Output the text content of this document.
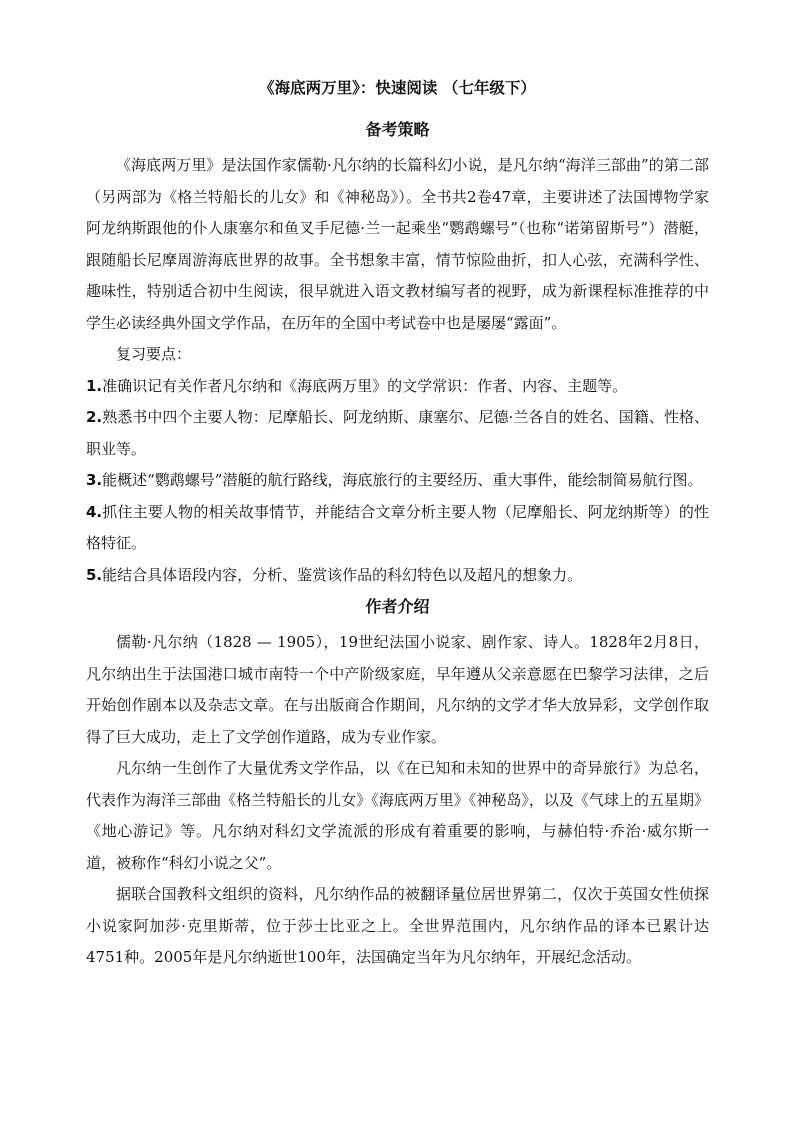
《海底两万里》：快速阅读 （七年级下）
备考策略

《海底两万里》是法国作家儒勒·凡尔纳的长篇科幻小说，是凡尔纳“海洋三部曲”的第二部（另两部为《格兰特船长的儿女》和《神秘岛》）。全书共2卷47章，主要讲述了法国博物学家阿龙纳斯跟他的仆人康塞尔和鱼叉手尼德·兰一起乘坐“鹦鹉螺号”（也称“诺第留斯号”）潜艇，跟随船长尼摩周游海底世界的故事。全书想象丰富，情节惊险曲折，扣人心弦，充满科学性、趣味性，特别适合初中生阅读，很早就进入语文教材编写者的视野，成为新课程标准推荐的中学生必读经典外国文学作品，在历年的全国中考试卷中也是屡屡“露面”。

复习要点：

1.准确识记有关作者凡尔纳和《海底两万里》的文学常识：作者、内容、主题等。

2.熟悉书中四个主要人物：尼摩船长、阿龙纳斯、康塞尔、尼德·兰各自的姓名、国籍、性格、职业等。

3.能概述“鹦鹉螺号”潜艇的航行路线，海底旅行的主要经历、重大事件，能绘制简易航行图。

4.抓住主要人物的相关故事情节，并能结合文章分析主要人物（尼摩船长、阿龙纳斯等）的性格特征。

5.能结合具体语段内容，分析、鉴赏该作品的科幻特色以及超凡的想象力。

作者介绍

儒勒·凡尔纳（1828 — 1905），19世纪法国小说家、剧作家、诗人。1828年2月8日，凡尔纳出生于法国港口城市南特一个中产阶级家庭，早年遵从父亲意愿在巴黎学习法律，之后开始创作剧本以及杂志文章。在与出版商合作期间，凡尔纳的文学才华大放异彩，文学创作取得了巨大成功，走上了文学创作道路，成为专业作家。

凡尔纳一生创作了大量优秀文学作品，以《在已知和未知的世界中的奇异旅行》为总名，代表作为海洋三部曲《格兰特船长的儿女》《海底两万里》《神秘岛》，以及《气球上的五星期》《地心游记》等。凡尔纳对科幻文学流派的形成有着重要的影响，与赫伯特·乔治·威尔斯一道，被称作“科幻小说之父”。

据联合国教科文组织的资料，凡尔纳作品的被翻译量位居世界第二，仅次于英国女性侦探小说家阿加莎·克里斯蒂，位于莎士比亚之上。全世界范围内，凡尔纳作品的译本已累计达4751种。2005年是凡尔纳逝世100年，法国确定当年为凡尔纳年，开展纪念活动。
